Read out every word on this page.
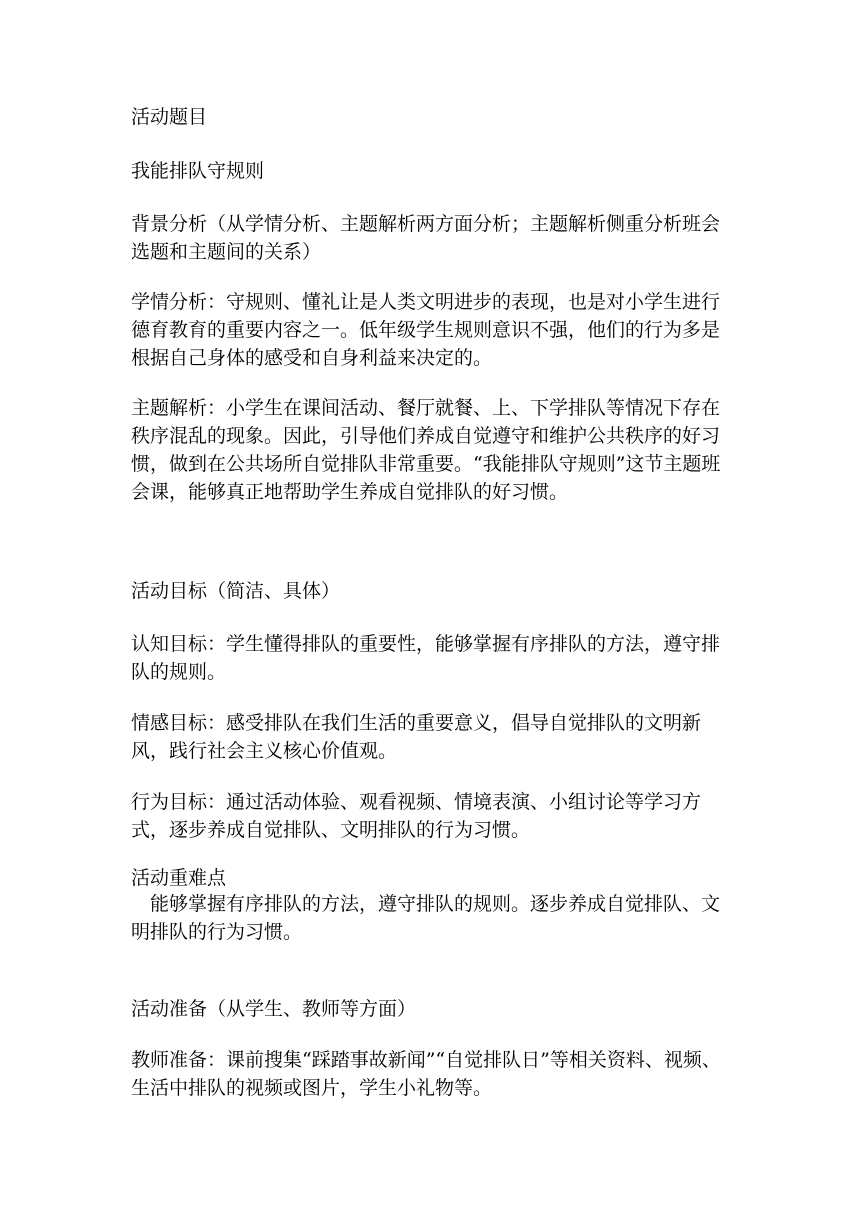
活动题目

我能排队守规则

背景分析（从学情分析、主题解析两方面分析；主题解析侧重分析班会选题和主题间的关系）

学情分析：守规则、懂礼让是人类文明进步的表现，也是对小学生进行德育教育的重要内容之一。低年级学生规则意识不强，他们的行为多是根据自己身体的感受和自身利益来决定的。

主题解析：小学生在课间活动、餐厅就餐、上、下学排队等情况下存在秩序混乱的现象。因此，引导他们养成自觉遵守和维护公共秩序的好习惯，做到在公共场所自觉排队非常重要。“我能排队守规则”这节主题班会课，能够真正地帮助学生养成自觉排队的好习惯。

活动目标（简洁、具体）

认知目标：学生懂得排队的重要性，能够掌握有序排队的方法，遵守排队的规则。

情感目标：感受排队在我们生活的重要意义，倡导自觉排队的文明新风，践行社会主义核心价值观。

行为目标：通过活动体验、观看视频、情境表演、小组讨论等学习方式，逐步养成自觉排队、文明排队的行为习惯。

活动重难点

能够掌握有序排队的方法，遵守排队的规则。逐步养成自觉排队、文明排队的行为习惯。

活动准备（从学生、教师等方面）

教师准备：课前搜集“踩踏事故新闻”“自觉排队日”等相关资料、视频、生活中排队的视频或图片，学生小礼物等。
